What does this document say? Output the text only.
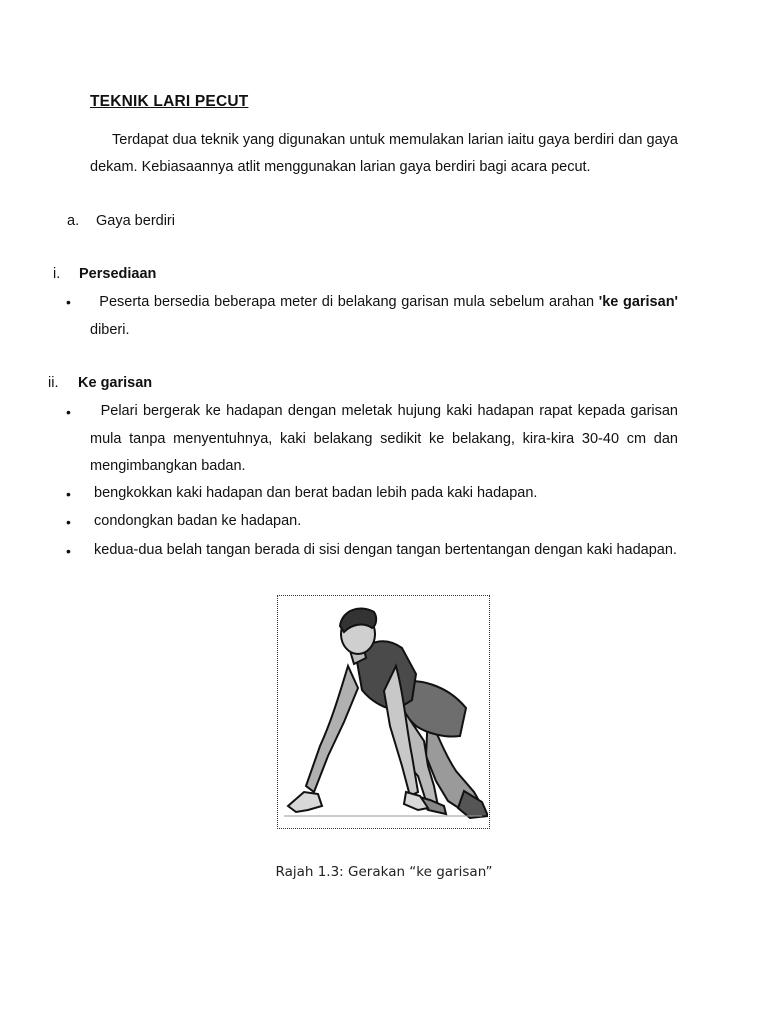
TEKNIK LARI PECUT
Terdapat dua teknik yang digunakan untuk memulakan larian iaitu gaya berdiri dan gaya dekam. Kebiasaannya atlit menggunakan larian gaya berdiri bagi acara pecut.
a. Gaya berdiri
i. Persediaan
•	Peserta bersedia beberapa meter di belakang garisan mula sebelum arahan 'ke garisan' diberi.
ii. Ke garisan
•	Pelari bergerak ke hadapan dengan meletak hujung kaki hadapan rapat kepada garisan mula tanpa menyentuhnya, kaki belakang sedikit ke belakang, kira-kira 30-40 cm dan mengimbangkan badan.
• bengkokkan kaki hadapan dan berat badan lebih pada kaki hadapan.
• condongkan badan ke hadapan.
• kedua-dua belah tangan berada di sisi dengan tangan bertentangan dengan kaki hadapan.
Rajah 1.3: Gerakan “ke garisan”
